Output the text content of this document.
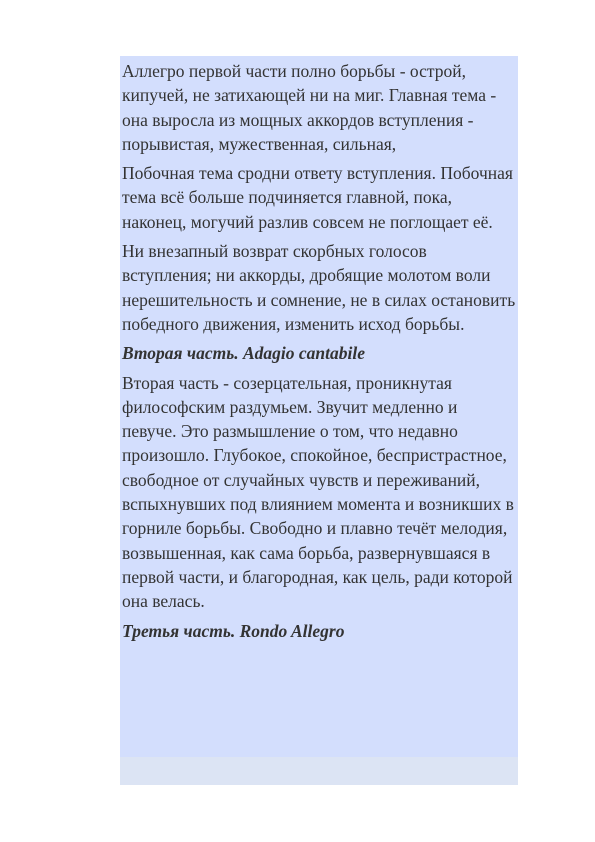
Аллегро первой части полно борьбы - острой, кипучей, не затихающей ни на миг. Главная тема - она выросла из мощных аккордов вступления - порывистая, мужественная, сильная,

Побочная тема сродни ответу вступления. Побочная тема всё больше подчиняется главной, пока, наконец, могучий разлив совсем не поглощает её.

Ни внезапный возврат скорбных голосов вступления; ни аккорды, дробящие молотом воли нерешительность и сомнение, не в силах остановить победного движения, изменить исход борьбы.

Вторая часть. Adagio cantabile

Вторая часть - созерцательная, проникнутая философским раздумьем. Звучит медленно и певуче. Это размышление о том, что недавно произошло. Глубокое, спокойное, беспристрастное, свободное от случайных чувств и переживаний, вспыхнувших под влиянием момента и возникших в горниле борьбы. Свободно и плавно течёт мелодия, возвышенная, как сама борьба, развернувшаяся в первой части, и благородная, как цель, ради которой она велась.

Третья часть. Rondo Allegro
